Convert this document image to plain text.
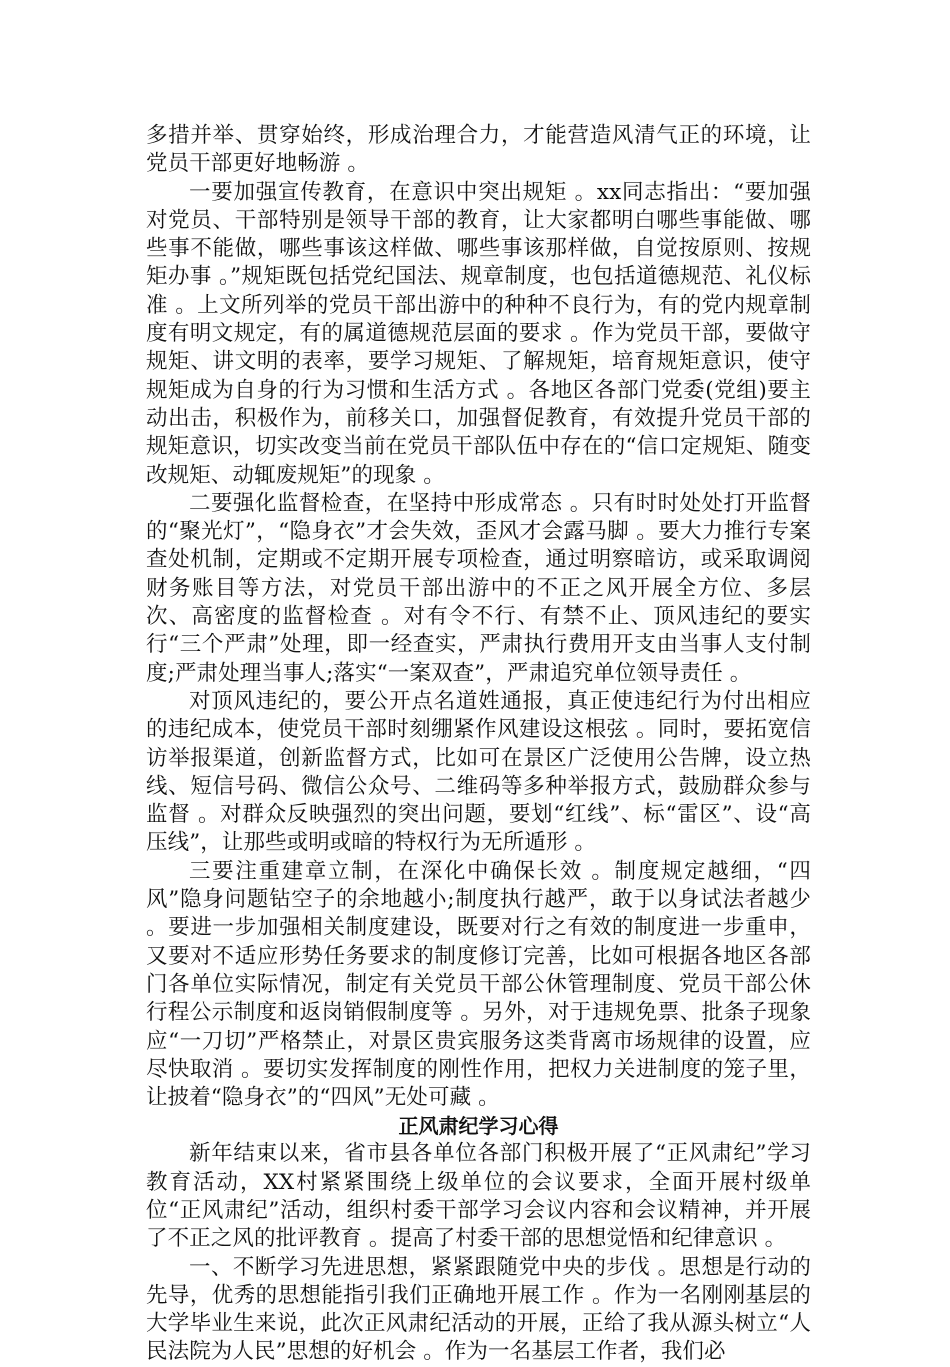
多措并举、贯穿始终，形成治理合力，才能营造风清气正的环境，让党员干部更好地畅游 。

一要加强宣传教育，在意识中突出规矩 。xx同志指出：“要加强对党员、干部特别是领导干部的教育，让大家都明白哪些事能做、哪些事不能做，哪些事该这样做、哪些事该那样做，自觉按原则、按规矩办事 。”规矩既包括党纪国法、规章制度，也包括道德规范、礼仪标准 。上文所列举的党员干部出游中的种种不良行为，有的党内规章制度有明文规定，有的属道德规范层面的要求 。作为党员干部，要做守规矩、讲文明的表率，要学习规矩、了解规矩，培育规矩意识，使守规矩成为自身的行为习惯和生活方式 。各地区各部门党委(党组)要主动出击，积极作为，前移关口，加强督促教育，有效提升党员干部的规矩意识，切实改变当前在党员干部队伍中存在的“信口定规矩、随变改规矩、动辄废规矩”的现象 。

二要强化监督检查，在坚持中形成常态 。只有时时处处打开监督的“聚光灯”，“隐身衣”才会失效，歪风才会露马脚 。要大力推行专案查处机制，定期或不定期开展专项检查，通过明察暗访，或采取调阅财务账目等方法，对党员干部出游中的不正之风开展全方位、多层次、高密度的监督检查 。对有令不行、有禁不止、顶风违纪的要实行“三个严肃”处理，即一经查实，严肃执行费用开支由当事人支付制度;严肃处理当事人;落实“一案双查”，严肃追究单位领导责任 。

对顶风违纪的，要公开点名道姓通报，真正使违纪行为付出相应的违纪成本，使党员干部时刻绷紧作风建设这根弦 。同时，要拓宽信访举报渠道，创新监督方式，比如可在景区广泛使用公告牌，设立热线、短信号码、微信公众号、二维码等多种举报方式，鼓励群众参与监督 。对群众反映强烈的突出问题，要划“红线”、标“雷区”、设“高压线”，让那些或明或暗的特权行为无所遁形 。

三要注重建章立制，在深化中确保长效 。制度规定越细，“四风”隐身问题钻空子的余地越小;制度执行越严，敢于以身试法者越少 。要进一步加强相关制度建设，既要对行之有效的制度进一步重申，又要对不适应形势任务要求的制度修订完善，比如可根据各地区各部门各单位实际情况，制定有关党员干部公休管理制度、党员干部公休行程公示制度和返岗销假制度等 。另外，对于违规免票、批条子现象应“一刀切”严格禁止，对景区贵宾服务这类背离市场规律的设置，应尽快取消 。要切实发挥制度的刚性作用，把权力关进制度的笼子里，让披着“隐身衣”的“四风”无处可藏 。

正风肃纪学习心得

新年结束以来，省市县各单位各部门积极开展了“正风肃纪”学习教育活动，XX村紧紧围绕上级单位的会议要求，全面开展村级单位“正风肃纪”活动，组织村委干部学习会议内容和会议精神，并开展了不正之风的批评教育 。提高了村委干部的思想觉悟和纪律意识 。

一、不断学习先进思想，紧紧跟随党中央的步伐 。思想是行动的先导，优秀的思想能指引我们正确地开展工作 。作为一名刚刚基层的大学毕业生来说，此次正风肃纪活动的开展，正给了我从源头树立“人民法院为人民”思想的好机会 。作为一名基层工作者，我们必
